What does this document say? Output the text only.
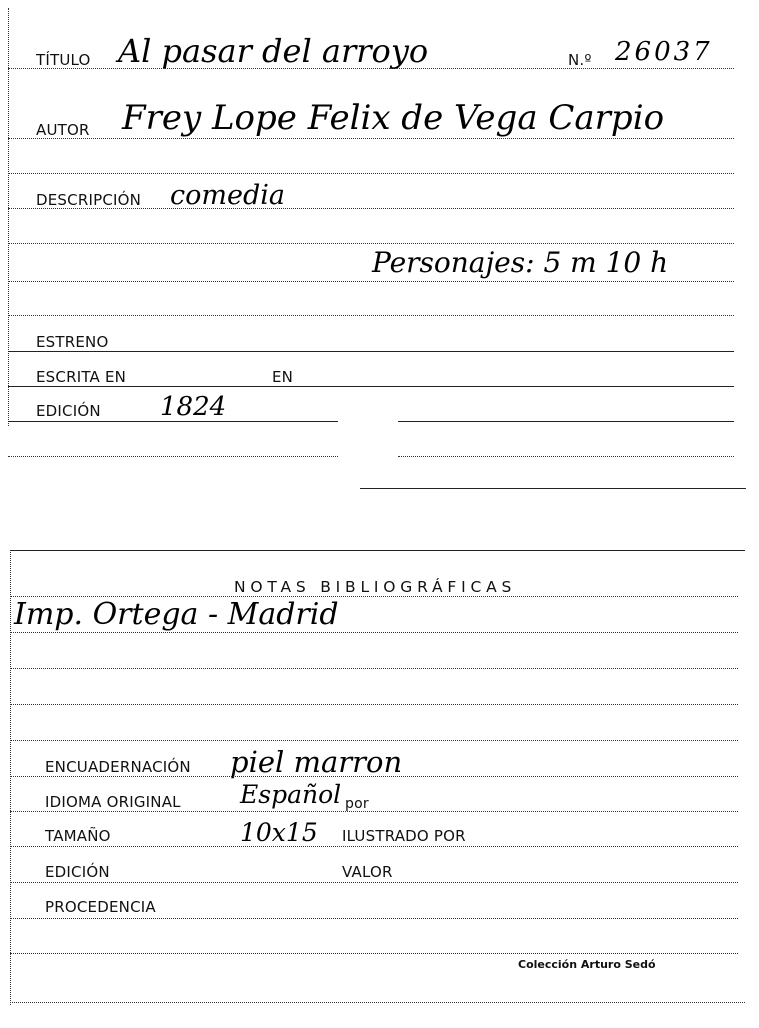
TÍTULO Al pasar del arroyo	N.º 26037
AUTOR Frey Lope Felix de Vega Carpio
DESCRIPCIÓN comedia
Personajes: 5 m 10 h
ESTRENO
ESCRITA EN	EN
EDICIÓN 1824
NOTAS BIBLIOGRÁFICAS
Imp. Ortega - Madrid
ENCUADERNACIÓN piel marron
IDIOMA ORIGINAL Español por
TAMAÑO	10x15 ILUSTRADO POR
EDICIÓN	VALOR
PROCEDENCIA
Colección Arturo Sedó
